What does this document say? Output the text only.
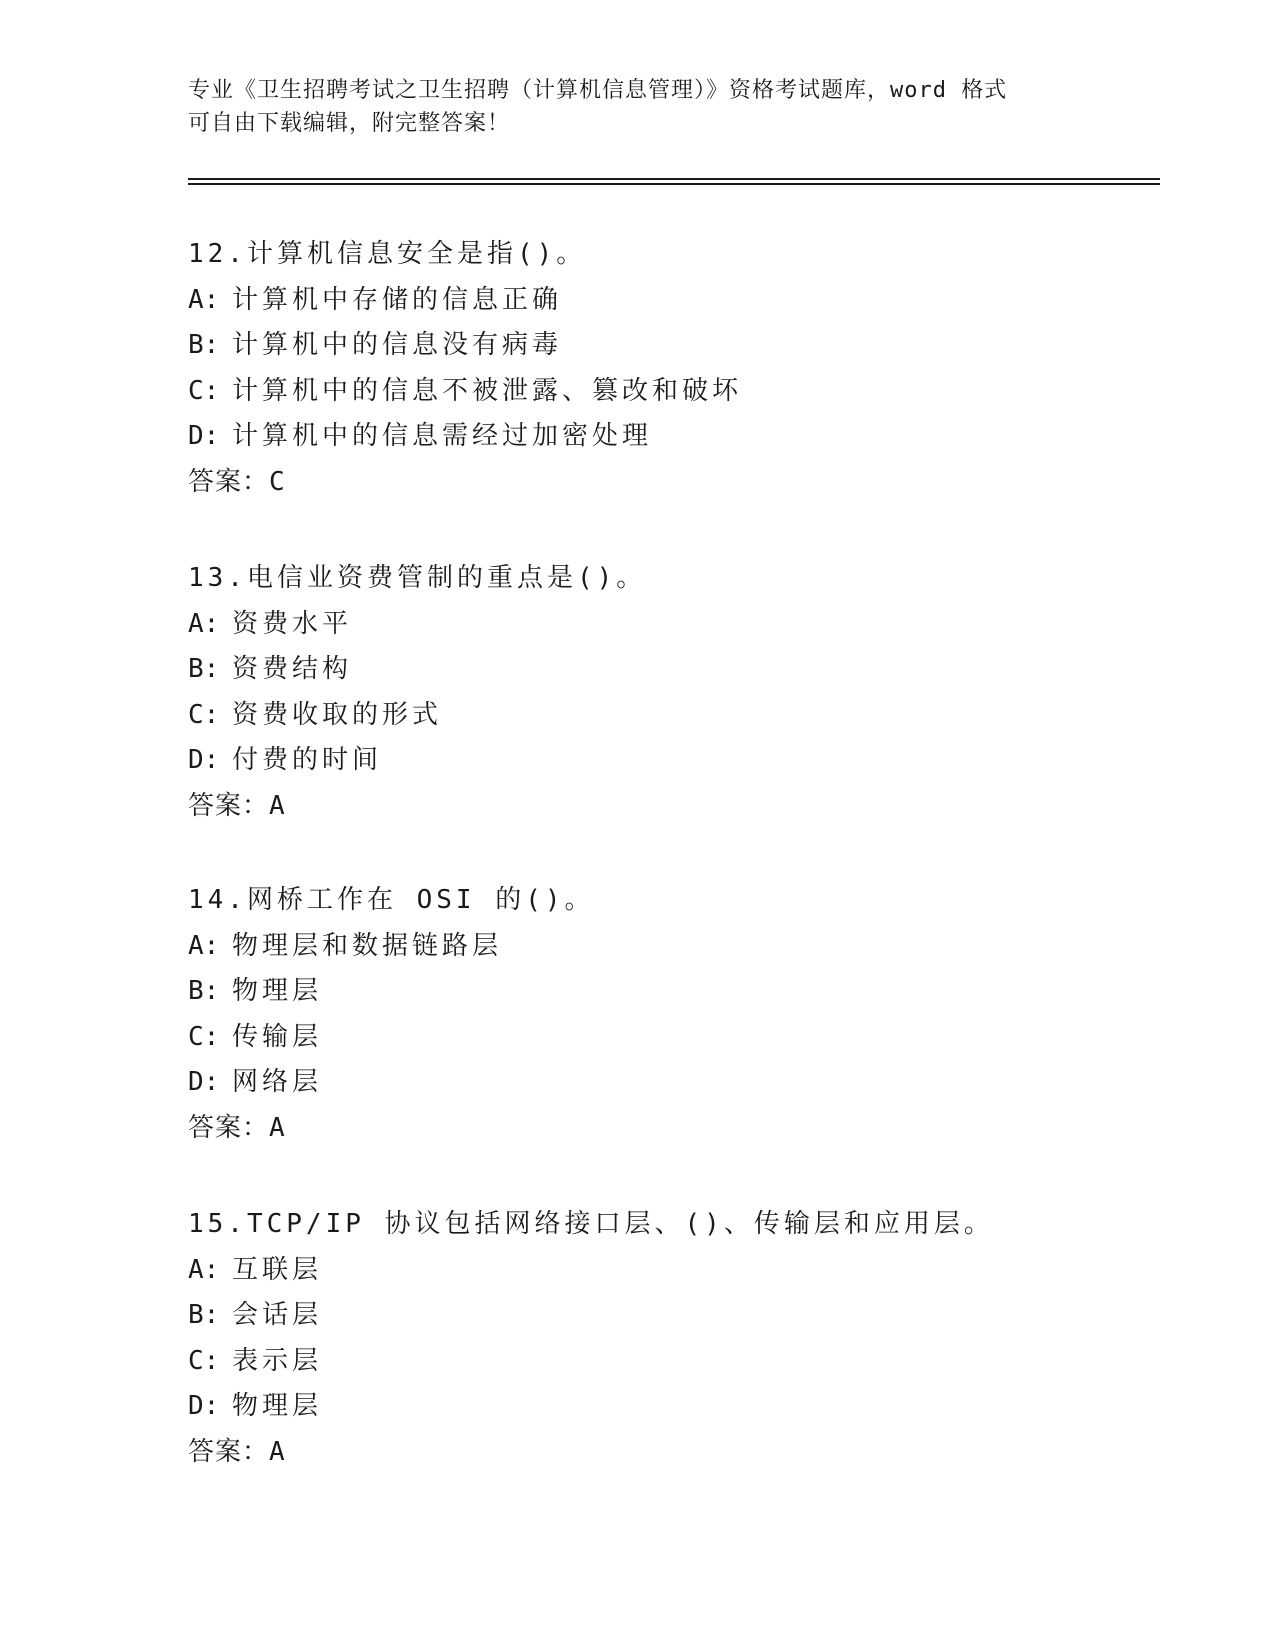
专业《卫生招聘考试之卫生招聘（计算机信息管理）》资格考试题库，word 格式
可自由下载编辑，附完整答案！
12.计算机信息安全是指()。
A: 计算机中存储的信息正确
B: 计算机中的信息没有病毒
C: 计算机中的信息不被泄露、篡改和破坏
D: 计算机中的信息需经过加密处理
答案：C
13.电信业资费管制的重点是()。
A: 资费水平
B: 资费结构
C: 资费收取的形式
D: 付费的时间
答案：A
14.网桥工作在 OSI 的()。
A: 物理层和数据链路层
B: 物理层
C: 传输层
D: 网络层
答案：A
15.TCP/IP 协议包括网络接口层、()、传输层和应用层。
A: 互联层
B: 会话层
C: 表示层
D: 物理层
答案：A
